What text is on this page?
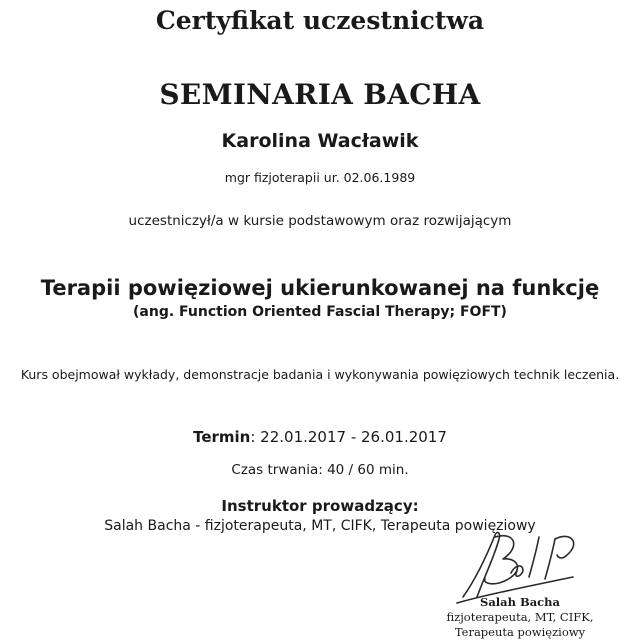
Certyfikat uczestnictwa
SEMINARIA BACHA
Karolina Wacławik
mgr fizjoterapii ur. 02.06.1989
uczestniczył/a w kursie podstawowym oraz rozwijającym
Terapii powięziowej ukierunkowanej na funkcję
(ang. Function Oriented Fascial Therapy; FOFT)
Kurs obejmował wykłady, demonstracje badania i wykonywania powięziowych technik leczenia.
Termin: 22.01.2017 - 26.01.2017
Czas trwania: 40 / 60 min.
Instruktor prowadzący:
Salah Bacha - fizjoterapeuta, MT, CIFK, Terapeuta powięziowy
Salah Bacha
fizjoterapeuta, MT, CIFK,
Terapeuta powięziowy
